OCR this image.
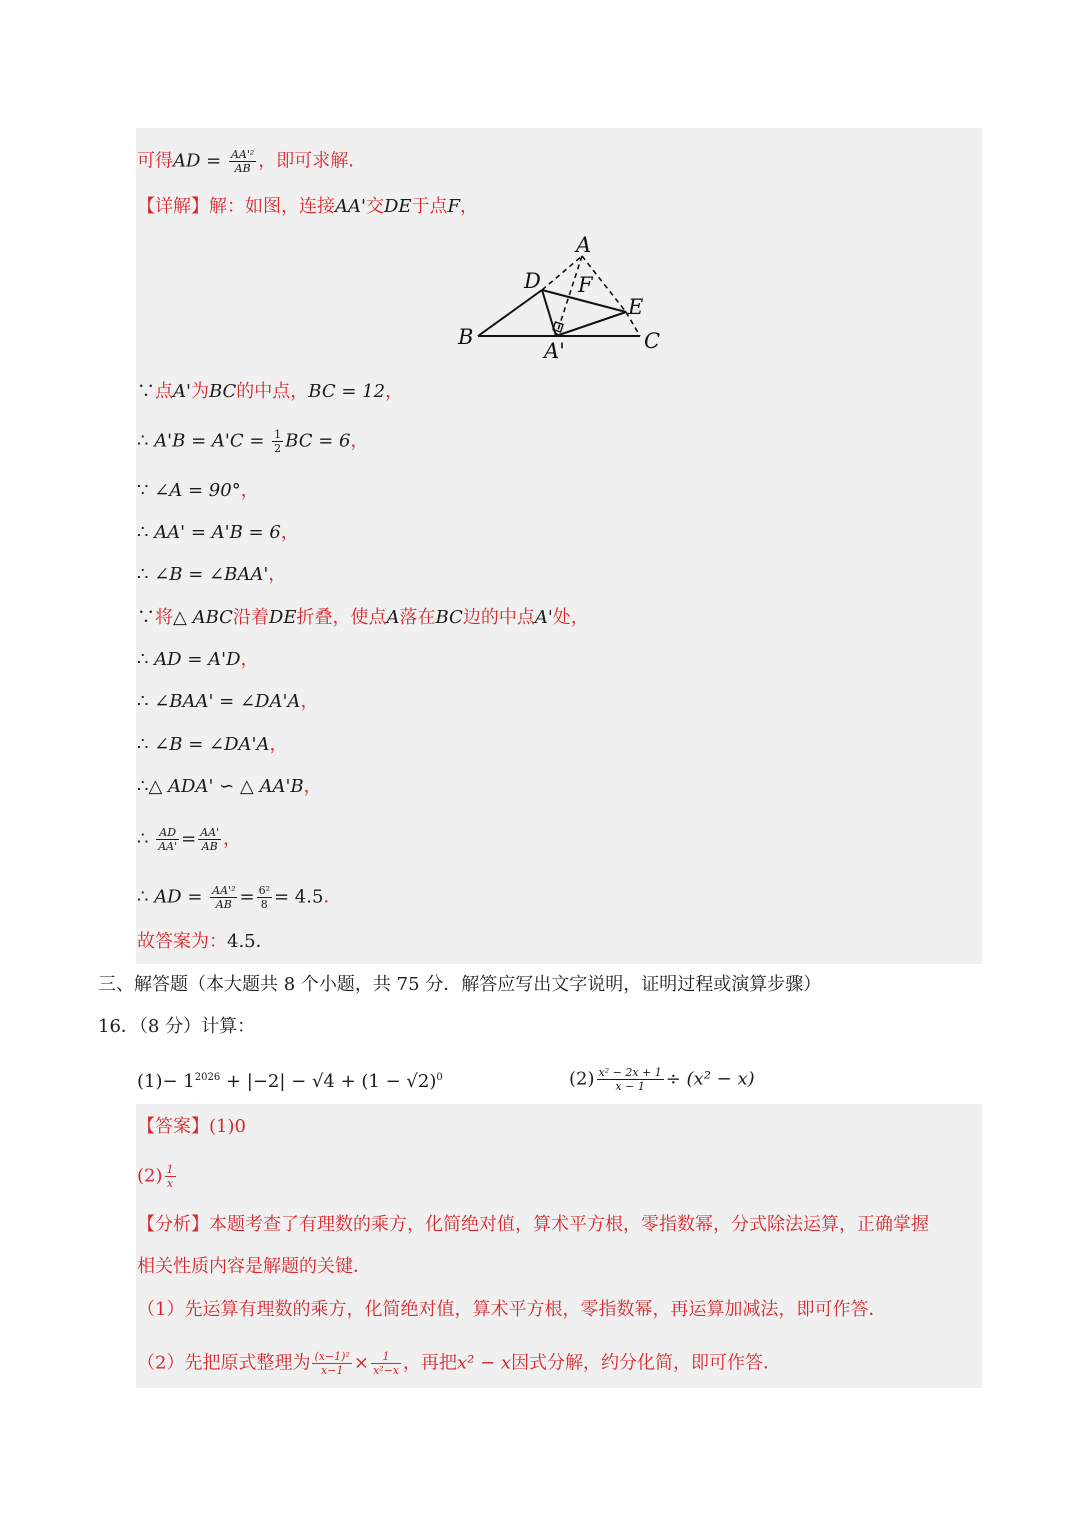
可得AD = $\frac{\text{AA'²}}{AB}$ ，即可求解．
【详解】解：如图，连接AA'交DE于点F，
A
D F
E
B
A'	C
∵点A'为BC的中点，BC = 12，
∴ $A'B = A'C = \frac{1}{2}$ BC = 6，
∵ ∠A = 90°，
∴ AA' = A'B = 6，
∴ ∠B = ∠BAA'，
∵将△ ABC沿着DE折叠，使点A落在BC边的中点A'处，
∴ AD = A'D，
∴ ∠BAA' = ∠DA'A，
∴ ∠B = ∠DA'A，
∴△ ADA' ∽ △ AA'B，
∴ $\frac{AD}{AA'} = \frac{AA'}{AB}$ ，
∴ AD = $\frac{\text{AA'²}}{AB} = \frac{\text{6²}}{8} = 4.5$．
故答案为：4.5．
三、解答题（本大题共 8 个小题，共 75 分．解答应写出文字说明，证明过程或演算步骤）
16．（8 分）计算：
$(1)- 1^{2026} + |-2| - √4 + (1 - √2)^0$	$(2) \frac{\text{x² − 2x + 1}}{x - 1} \div (x^2 - x)$
【答案】(1)0
$(2) \frac{1}{x}$
【分析】本题考查了有理数的乘方，化简绝对值，算术平方根，零指数幂，分式除法运算，正确掌握
相关性质内容是解题的关键．
（1）先运算有理数的乘方，化简绝对值，算术平方根，零指数幂，再运算加减法，即可作答．
（2）先把原式整理为 $\frac{\text{(x−1)²}}{x-1} \times \frac{1}{\text{x²−x}}$ ，再把x² − x因式分解，约分化简，即可作答．
